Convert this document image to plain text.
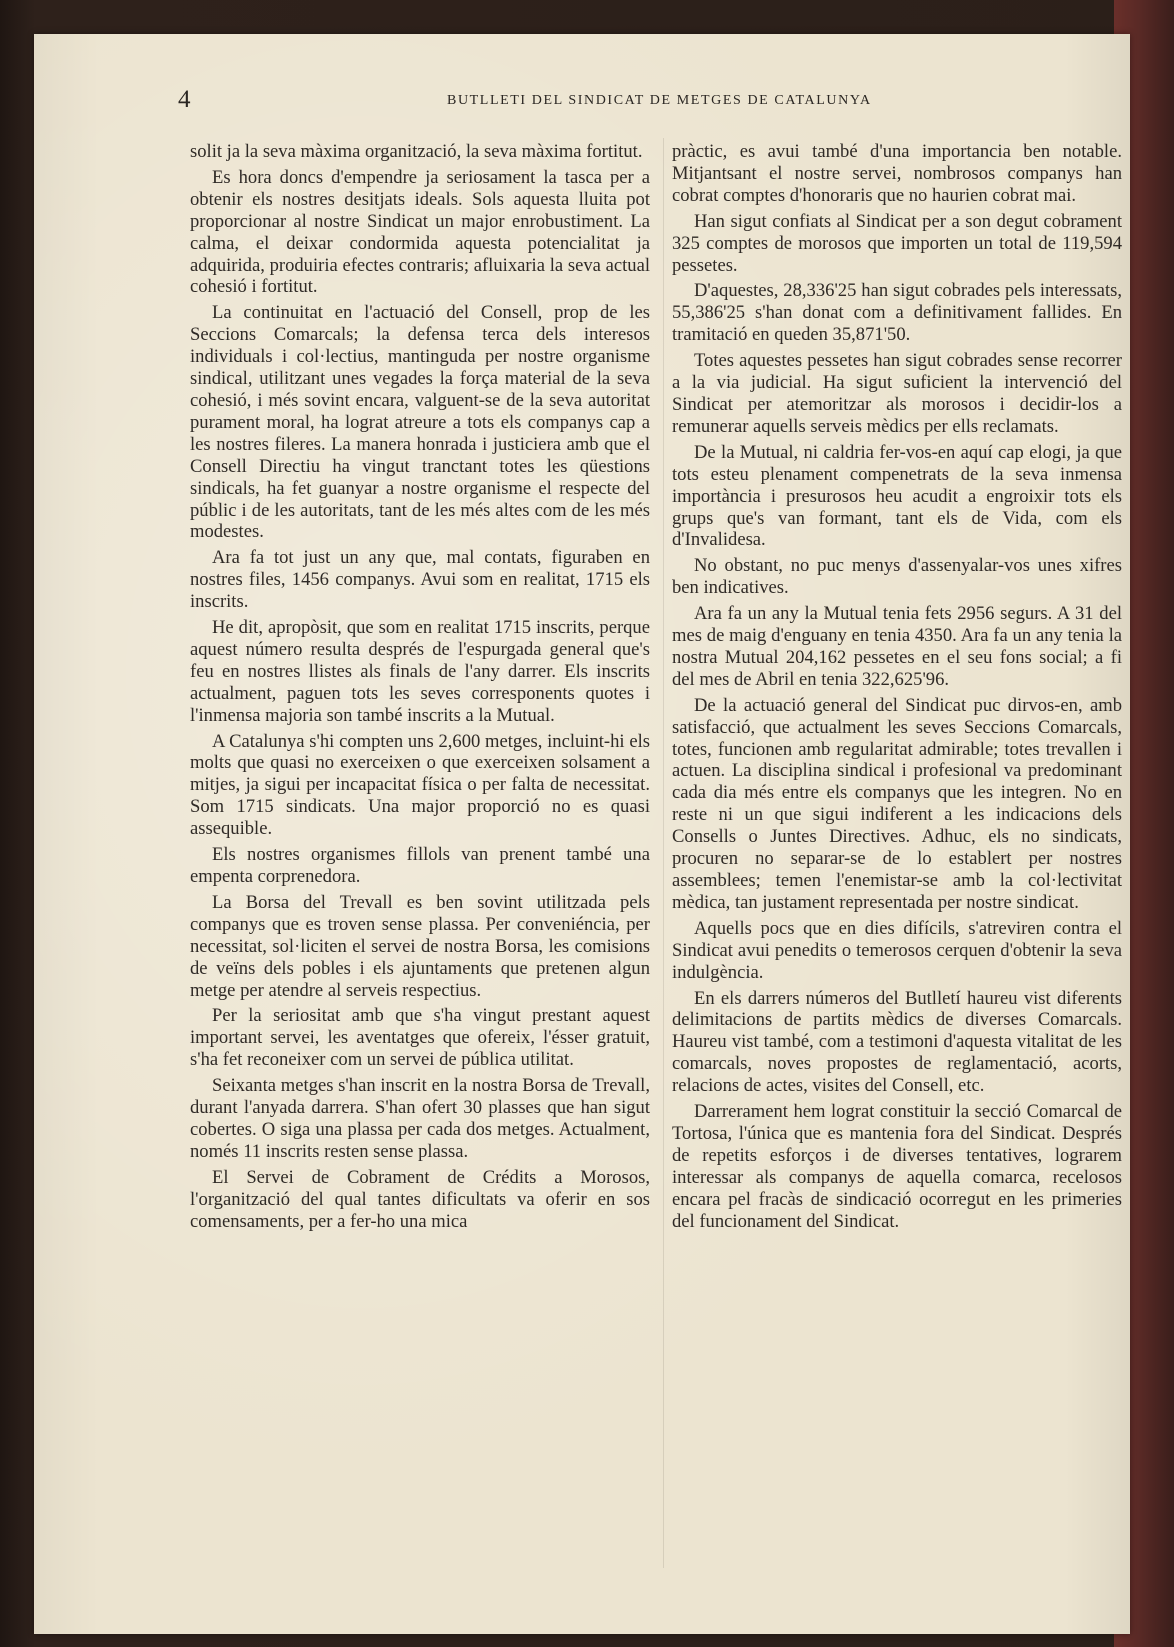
4	BUTLLETI DEL SINDICAT DE METGES DE CATALUNYA

solit ja la seva màxima organització, la seva màxima fortitut.

Es hora doncs d'empendre ja seriosament la tasca per a obtenir els nostres desitjats ideals. Sols aquesta lluita pot proporcionar al nostre Sindicat un major enrobustiment. La calma, el deixar condormida aquesta potencialitat ja adquirida, produiria efectes contraris; afluixaria la seva actual cohesió i fortitut.

La continuitat en l'actuació del Consell, prop de les Seccions Comarcals; la defensa terca dels interesos individuals i col·lectius, mantinguda per nostre organisme sindical, utilitzant unes vegades la força material de la seva cohesió, i més sovint encara, valguent-se de la seva autoritat purament moral, ha lograt atreure a tots els companys cap a les nostres fileres. La manera honrada i justiciera amb que el Consell Directiu ha vingut tranctant totes les qüestions sindicals, ha fet guanyar a nostre organisme el respecte del públic i de les autoritats, tant de les més altes com de les més modestes.

Ara fa tot just un any que, mal contats, figuraben en nostres files, 1456 companys. Avui som en realitat, 1715 els inscrits.

He dit, apropòsit, que som en realitat 1715 inscrits, perque aquest número resulta després de l'espurgada general que's feu en nostres llistes als finals de l'any darrer. Els inscrits actualment, paguen tots les seves corresponents quotes i l'inmensa majoria son també inscrits a la Mutual.

A Catalunya s'hi compten uns 2,600 metges, incluint-hi els molts que quasi no exerceixen o que exerceixen solsament a mitjes, ja sigui per incapacitat física o per falta de necessitat. Som 1715 sindicats. Una major proporció no es quasi assequible.

Els nostres organismes fillols van prenent també una empenta corprenedora.

La Borsa del Trevall es ben sovint utilitzada pels companys que es troven sense plassa. Per conveniéncia, per necessitat, sol·liciten el servei de nostra Borsa, les comisions de veïns dels pobles i els ajuntaments que pretenen algun metge per atendre al serveis respectius.

Per la seriositat amb que s'ha vingut prestant aquest important servei, les aventatges que ofereix, l'ésser gratuit, s'ha fet reconeixer com un servei de pública utilitat.

Seixanta metges s'han inscrit en la nostra Borsa de Trevall, durant l'anyada darrera. S'han ofert 30 plasses que han sigut cobertes. O siga una plassa per cada dos metges. Actualment, només 11 inscrits resten sense plassa.

El Servei de Cobrament de Crédits a Morosos, l'organització del qual tantes dificultats va oferir en sos comensaments, per a fer-ho una mica

pràctic, es avui també d'una importancia ben notable. Mitjantsant el nostre servei, nombrosos companys han cobrat comptes d'honoraris que no haurien cobrat mai.

Han sigut confiats al Sindicat per a son degut cobrament 325 comptes de morosos que importen un total de 119,594 pessetes.

D'aquestes, 28,336'25 han sigut cobrades pels interessats, 55,386'25 s'han donat com a definitivament fallides. En tramitació en queden 35,871'50.

Totes aquestes pessetes han sigut cobrades sense recorrer a la via judicial. Ha sigut suficient la intervenció del Sindicat per atemoritzar als morosos i decidir-los a remunerar aquells serveis mèdics per ells reclamats.

De la Mutual, ni caldria fer-vos-en aquí cap elogi, ja que tots esteu plenament compenetrats de la seva inmensa importància i presurosos heu acudit a engroixir tots els grups que's van formant, tant els de Vida, com els d'Invalidesa.

No obstant, no puc menys d'assenyalar-vos unes xifres ben indicatives.

Ara fa un any la Mutual tenia fets 2956 segurs. A 31 del mes de maig d'enguany en tenia 4350. Ara fa un any tenia la nostra Mutual 204,162 pessetes en el seu fons social; a fi del mes de Abril en tenia 322,625'96.

De la actuació general del Sindicat puc dirvos-en, amb satisfacció, que actualment les seves Seccions Comarcals, totes, funcionen amb regularitat admirable; totes trevallen i actuen. La disciplina sindical i profesional va predominant cada dia més entre els companys que les integren. No en reste ni un que sigui indiferent a les indicacions dels Consells o Juntes Directives. Adhuc, els no sindicats, procuren no separar-se de lo establert per nostres assemblees; temen l'enemistar-se amb la col·lectivitat mèdica, tan justament representada per nostre sindicat.

Aquells pocs que en dies difícils, s'atreviren contra el Sindicat avui penedits o temerosos cerquen d'obtenir la seva indulgència.

En els darrers números del Butlletí haureu vist diferents delimitacions de partits mèdics de diverses Comarcals. Haureu vist també, com a testimoni d'aquesta vitalitat de les comarcals, noves propostes de reglamentació, acorts, relacions de actes, visites del Consell, etc.

Darrerament hem lograt constituir la secció Comarcal de Tortosa, l'única que es mantenia fora del Sindicat. Després de repetits esforços i de diverses tentatives, lograrem interessar als companys de aquella comarca, recelosos encara pel fracàs de sindicació ocorregut en les primeries del funcionament del Sindicat.
